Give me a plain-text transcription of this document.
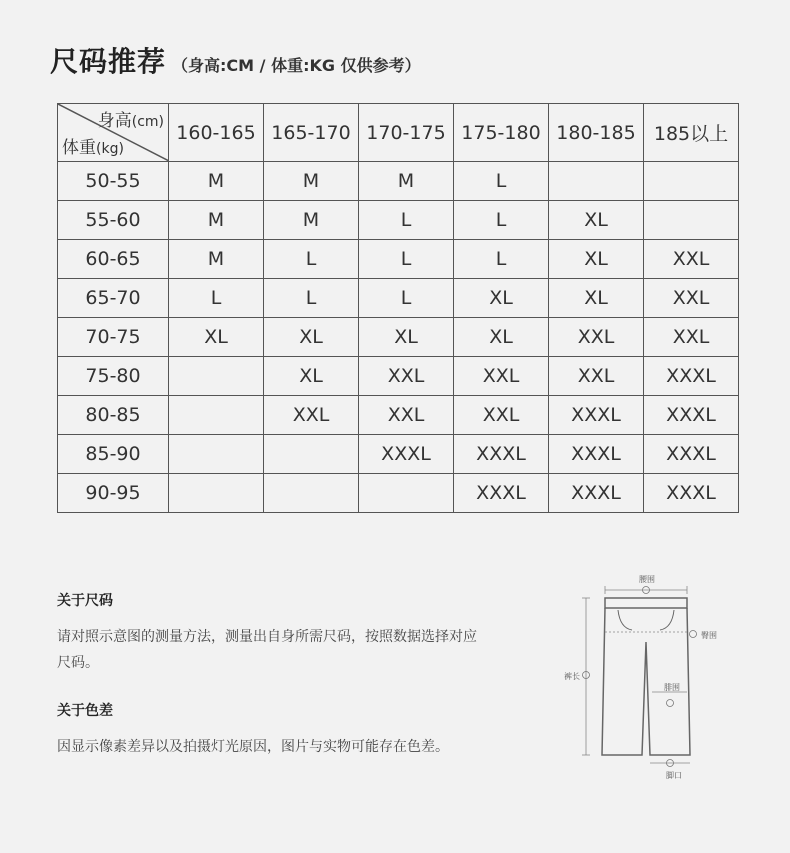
尺码推荐 （身高:CM / 体重:KG 仅供参考）
身高(cm)
体重(kg)	160-165	165-170	170-175	175-180	180-185	185以上
50-55	M	M	M	L		
55-60	M	M	L	L	XL	
60-65	M	L	L	L	XL	XXL
65-70	L	L	L	XL	XL	XXL
70-75	XL	XL	XL	XL	XXL	XXL
75-80		XL	XXL	XXL	XXL	XXXL
80-85		XXL	XXL	XXL	XXXL	XXXL
85-90			XXXL	XXXL	XXXL	XXXL
90-95				XXXL	XXXL	XXXL
关于尺码

请对照示意图的测量方法，测量出自身所需尺码，按照数据选择对应尺码。

关于色差

因显示像素差异以及拍摄灯光原因，图片与实物可能存在色差。

腰围
臀围
裤长
腓围
脚口
